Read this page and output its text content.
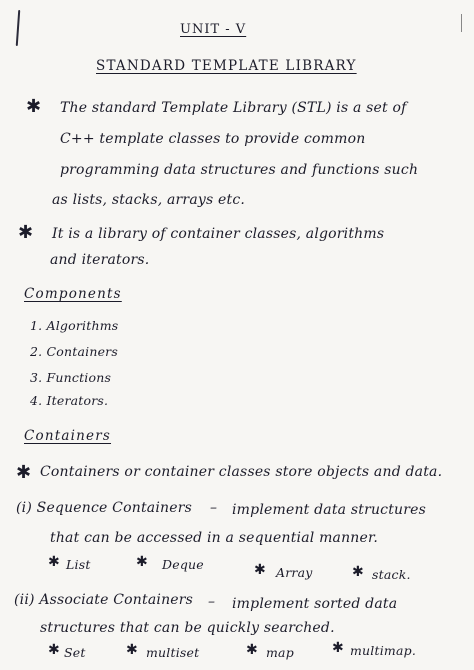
UNIT - V
STANDARD TEMPLATE LIBRARY
✱ The standard Template Library (STL) is a set of
C++ template classes to provide common
programming data structures and functions such
as lists, stacks, arrays etc.
✱ It is a library of container classes, algorithms
and iterators.
Components
1. Algorithms
2. Containers
3. Functions
4. Iterators.
Containers
✱ Containers or container classes store objects and data.
(i) Sequence Containers – implement data structures
that can be accessed in a sequential manner.
✱ List	✱ Deque	✱ Array	✱ stack.
(ii) Associate Containers – implement sorted data
structures that can be quickly searched.
✱ Set	✱ multiset	✱ map	✱ multimap.
